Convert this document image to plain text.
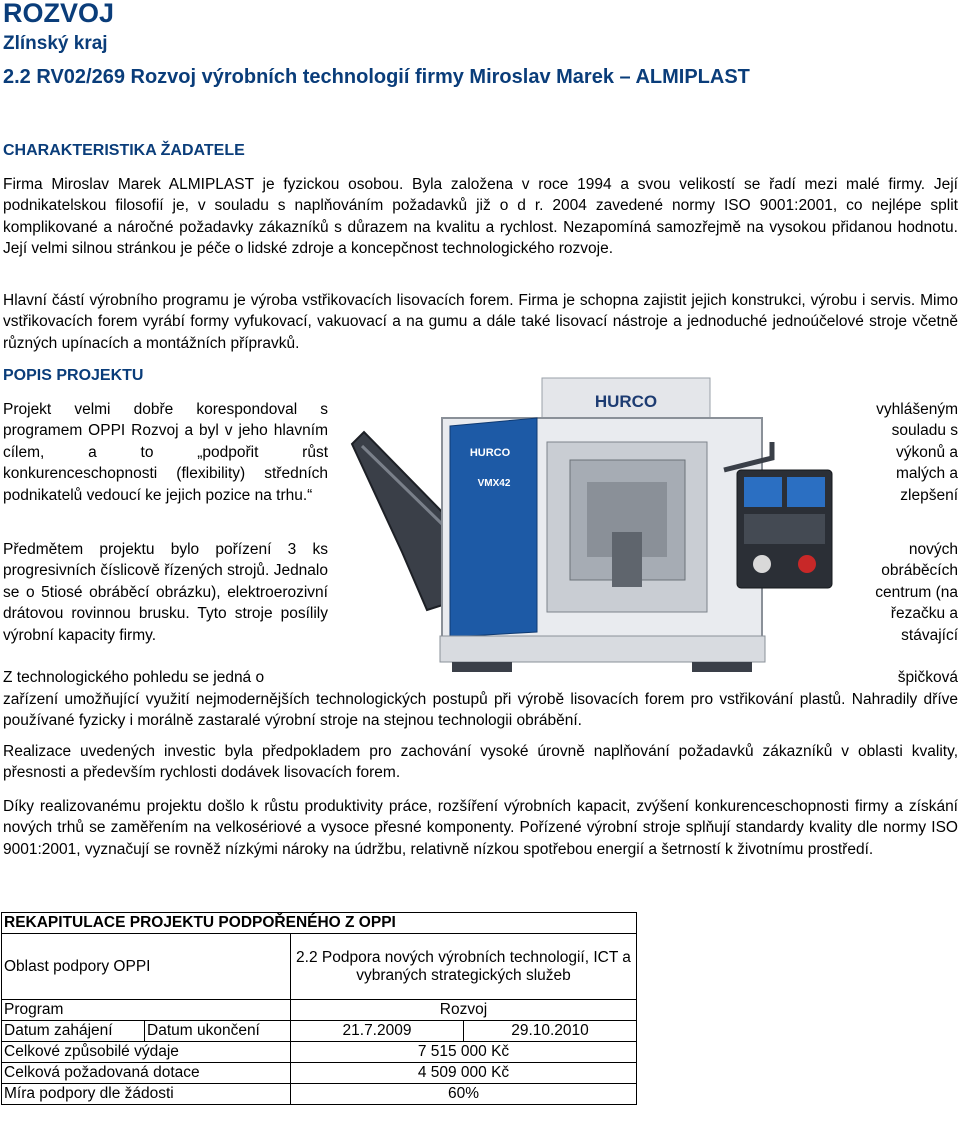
ROZVOJ
Zlínský kraj
2.2 RV02/269 Rozvoj výrobních technologií firmy Miroslav Marek – ALMIPLAST
CHARAKTERISTIKA ŽADATELE

Firma Miroslav Marek ALMIPLAST je fyzickou osobou. Byla založena v roce 1994 a svou velikostí se řadí mezi malé firmy. Její podnikatelskou filosofií je, v souladu s naplňováním požadavků již o d r. 2004 zavedené normy ISO 9001:2001, co nejlépe split komplikované a náročné požadavky zákazníků s důrazem na kvalitu a rychlost. Nezapomíná samozřejmě na vysokou přidanou hodnotu. Její velmi silnou stránkou je péče o lidské zdroje a koncepčnost technologického rozvoje.

Hlavní částí výrobního programu je výroba vstřikovacích lisovacích forem. Firma je schopna zajistit jejich konstrukci, výrobu i servis. Mimo vstřikovacích forem vyrábí formy vyfukovací, vakuovací a na gumu a dále také lisovací nástroje a jednoduché jednoúčelové stroje včetně různých upínacích a montážních přípravků.

POPIS PROJEKTU

Projekt velmi dobře korespondoval s programem OPPI Rozvoj a byl v jeho hlavním cílem, a to „podpořit růst konkurenceschopnosti (flexibility) středních podnikatelů vedoucí ke jejich pozice na trhu.“

vyhlášeným
souladu s
výkonů a
malých a
zlepšení

Předmětem projektu bylo pořízení 3 ks progresivních číslicově řízených strojů. Jednalo se o 5tiosé obráběcí obrázku), elektroerozivní drátovou rovinnou brusku. Tyto stroje posílily výrobní kapacity firmy.

nových
obráběcích
centrum (na
řezačku a
stávající
Z technologického pohledu se jedná o	špičková

zařízení umožňující využití nejmodernějších technologických postupů při výrobě lisovacích forem pro vstřikování plastů. Nahradily dříve používané fyzicky i morálně zastaralé výrobní stroje na stejnou technologii obrábění.

Realizace uvedených investic byla předpokladem pro zachování vysoké úrovně naplňování požadavků zákazníků v oblasti kvality, přesnosti a především rychlosti dodávek lisovacích forem.

Díky realizovanému projektu došlo k růstu produktivity práce, rozšíření výrobních kapacit, zvýšení konkurenceschopnosti firmy a získání nových trhů se zaměřením na velkosériové a vysoce přesné komponenty. Pořízené výrobní stroje splňují standardy kvality dle normy ISO 9001:2001, vyznačují se rovněž nízkými nároky na údržbu, relativně nízkou spotřebou energií a šetrností k životnímu prostředí.

HURCO
HURCO
VMX42
REKAPITULACE PROJEKTU PODPOŘENÉHO Z OPPI			
Oblast podpory OPPI		2.2 Podpora nových výrobních technologií, ICT a vybraných strategických služeb	
Program		Rozvoj	
Datum zahájení	Datum ukončení	21.7.2009	29.10.2010
Celkové způsobilé výdaje		7 515 000 Kč	
Celková požadovaná dotace		4 509 000 Kč	
Míra podpory dle žádosti		60%	
